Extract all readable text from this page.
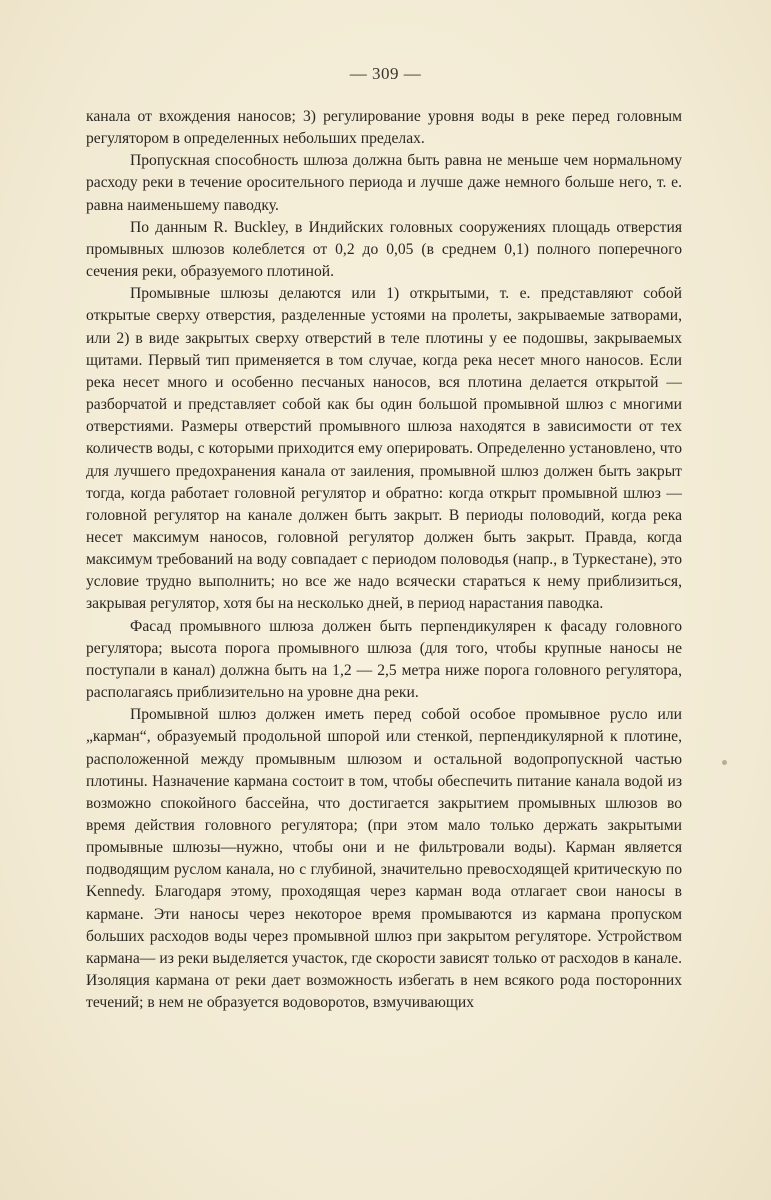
— 309 —

канала от вхождения наносов; 3) регулирование уровня воды в реке перед головным регулятором в определенных небольших пределах.

Пропускная способность шлюза должна быть равна не меньше чем нормальному расходу реки в течение оросительного периода и лучше даже немного больше него, т. е. равна наименьшему паводку.

По данным R. Buckley, в Индийских головных сооружениях площадь отверстия промывных шлюзов колеблется от 0,2 до 0,05 (в среднем 0,1) полного поперечного сечения реки, образуемого плотиной.

Промывные шлюзы делаются или 1) открытыми, т. е. представляют собой открытые сверху отверстия, разделенные устоями на пролеты, закрываемые затворами, или 2) в виде закрытых сверху отверстий в теле плотины у ее подошвы, закрываемых щитами. Первый тип применяется в том случае, когда река несет много наносов. Если река несет много и особенно песчаных наносов, вся плотина делается открытой — разборчатой и представляет собой как бы один большой промывной шлюз с многими отверстиями. Размеры отверстий промывного шлюза находятся в зависимости от тех количеств воды, с которыми приходится ему оперировать. Определенно установлено, что для лучшего предохранения канала от заиления, промывной шлюз должен быть закрыт тогда, когда работает головной регулятор и обратно: когда открыт промывной шлюз — головной регулятор на канале должен быть закрыт. В периоды половодий, когда река несет максимум наносов, головной регулятор должен быть закрыт. Правда, когда максимум требований на воду совпадает с периодом половодья (напр., в Туркестане), это условие трудно выполнить; но все же надо всячески стараться к нему приблизиться, закрывая регулятор, хотя бы на несколько дней, в период нарастания паводка.

Фасад промывного шлюза должен быть перпендикулярен к фасаду головного регулятора; высота порога промывного шлюза (для того, чтобы крупные наносы не поступали в канал) должна быть на 1,2 — 2,5 метра ниже порога головного регулятора, располагаясь приблизительно на уровне дна реки.

Промывной шлюз должен иметь перед собой особое промывное русло или „карман“, образуемый продольной шпорой или стенкой, перпендикулярной к плотине, расположенной между промывным шлюзом и остальной водопропускной частью плотины. Назначение кармана состоит в том, чтобы обеспечить питание канала водой из возможно спокойного бассейна, что достигается закрытием промывных шлюзов во время действия головного регулятора; (при этом мало только держать закрытыми промывные шлюзы—нужно, чтобы они и не фильтровали воды). Карман является подводящим руслом канала, но с глубиной, значительно превосходящей критическую по Kennedy. Благодаря этому, проходящая через карман вода отлагает свои наносы в кармане. Эти наносы через некоторое время промываются из кармана пропуском больших расходов воды через промывной шлюз при закрытом регуляторе. Устройством кармана— из реки выделяется участок, где скорости зависят только от расходов в канале. Изоляция кармана от реки дает возможность избегать в нем всякого рода посторонних течений; в нем не образуется водоворотов, взмучивающих
